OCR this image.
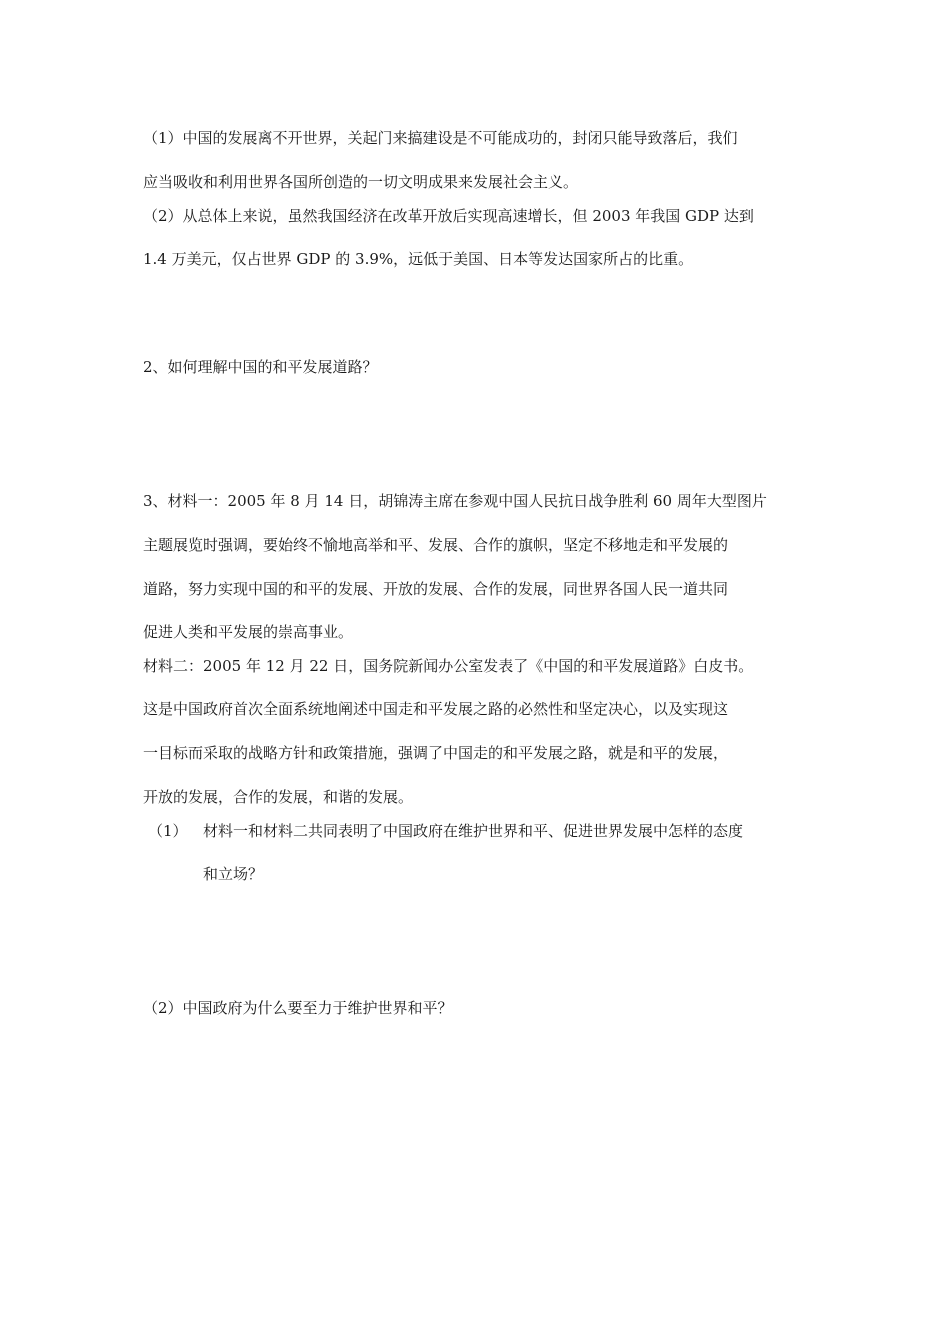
（1）中国的发展离不开世界，关起门来搞建设是不可能成功的，封闭只能导致落后，我们
应当吸收和利用世界各国所创造的一切文明成果来发展社会主义。
（2）从总体上来说，虽然我国经济在改革开放后实现高速增长，但 2003 年我国 GDP 达到
1.4 万美元，仅占世界 GDP 的 3.9%，远低于美国、日本等发达国家所占的比重。
2、如何理解中国的和平发展道路？
3、材料一：2005 年 8 月 14 日，胡锦涛主席在参观中国人民抗日战争胜利 60 周年大型图片
主题展览时强调，要始终不愉地高举和平、发展、合作的旗帜，坚定不移地走和平发展的
道路，努力实现中国的和平的发展、开放的发展、合作的发展，同世界各国人民一道共同
促进人类和平发展的崇高事业。
材料二：2005 年 12 月 22 日，国务院新闻办公室发表了《中国的和平发展道路》白皮书。
这是中国政府首次全面系统地阐述中国走和平发展之路的必然性和坚定决心，以及实现这
一目标而采取的战略方针和政策措施，强调了中国走的和平发展之路，就是和平的发展，
开放的发展，合作的发展，和谐的发展。
（1） 材料一和材料二共同表明了中国政府在维护世界和平、促进世界发展中怎样的态度
和立场？
（2）中国政府为什么要至力于维护世界和平？
